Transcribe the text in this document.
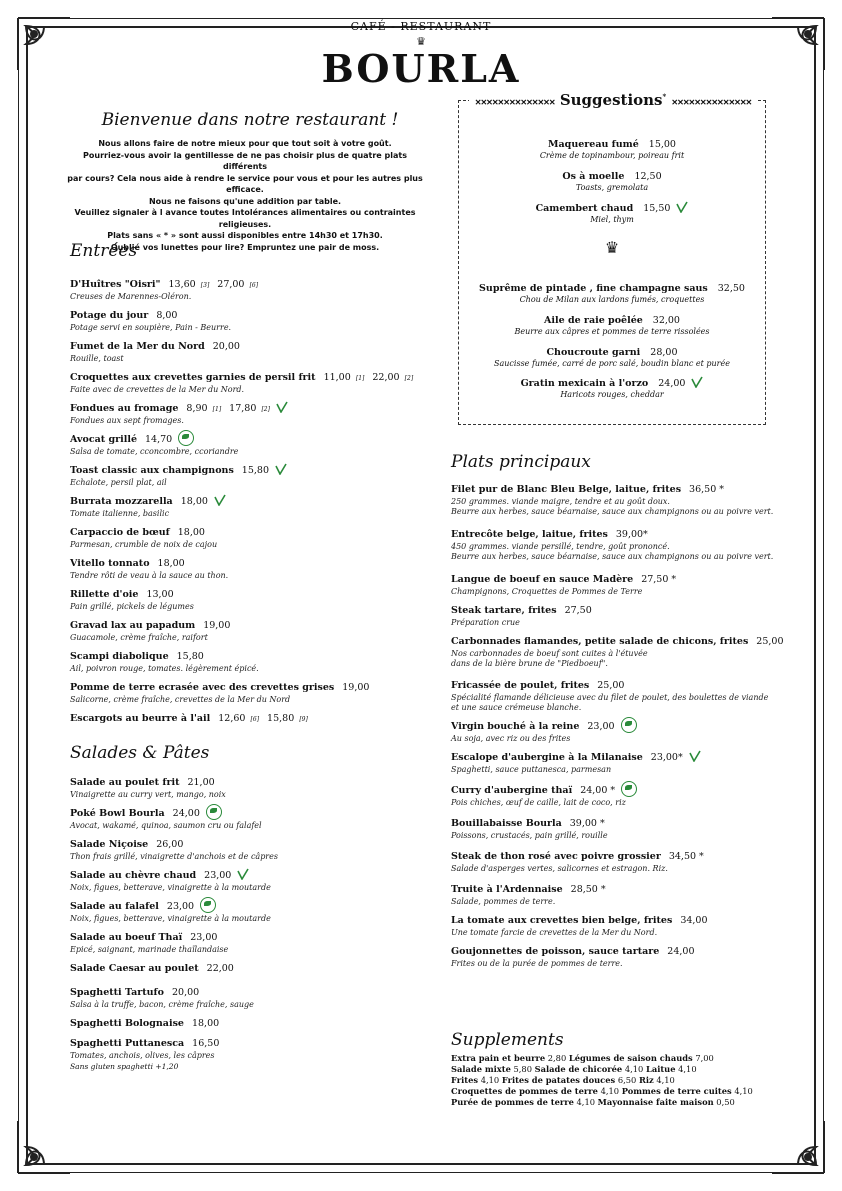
CAFÉ - RESTAURANT
♛
BOURLA
Bienvenue dans notre restaurant !
Nous allons faire de notre mieux pour que tout soit à votre goût.
Pourriez-vous avoir la gentillesse de ne pas choisir plus de quatre plats différents
par cours? Cela nous aide à rendre le service pour vous et pour les autres plus efficace.
Nous ne faisons qu'une addition par table.
Veuillez signaler à l avance toutes Intolérances alimentaires ou contraintes religieuses.
Plats sans « * » sont aussi disponibles entre 14h30 et 17h30.
Oublié vos lunettes pour lire? Empruntez une pair de moss.
Entrées
D'Huîtres "Oisri" 13,60 [3] 27,00 [6]
Creuses de Marennes-Oléron.
Potage du jour 8,00
Potage servi en soupière, Pain - Beurre.
Fumet de la Mer du Nord 20,00
Rouille, toast
Croquettes aux crevettes garnies de persil frit 11,00 [1] 22,00 [2]
Faite avec de crevettes de la Mer du Nord.
Fondues au fromage 8,90 [1] 17,80 [2]
Fondues aux sept fromages.
Avocat grillé 14,70
Salsa de tomate, cconcombre, ccoriandre
Toast classic aux champignons 15,80
Echalote, persil plat, ail
Burrata mozzarella 18,00
Tomate italienne, basilic
Carpaccio de bœuf 18,00
Parmesan, crumble de noix de cajou
Vitello tonnato 18,00
Tendre rôti de veau à la sauce au thon.
Rillette d'oie 13,00
Pain grillé, pickels de légumes
Gravad lax au papadum 19,00
Guacamole, crème fraîche, raifort
Scampi diabolique 15,80
Ail, poivron rouge, tomates. légèrement épicé.
Pomme de terre ecrasée avec des crevettes grises 19,00
Salicorne, crème fraîche, crevettes de la Mer du Nord
Escargots au beurre à l'ail 12,60 [6] 15,80 [9]
Salades & Pâtes
Salade au poulet frit 21,00
Vinaigrette au curry vert, mango, noix
Poké Bowl Bourla 24,00
Avocat, wakamé, quinoa, saumon cru ou falafel
Salade Niçoise 26,00
Thon frais grillé, vinaigrette d'anchois et de câpres
Salade au chèvre chaud 23,00
Noix, figues, betterave, vinaigrette à la moutarde
Salade au falafel 23,00
Noix, figues, betterave, vinaigrette à la moutarde
Salade au boeuf Thaï 23,00
Epicé, saignant, marinade thaïlandaise
Salade Caesar au poulet 22,00
Spaghetti Tartufo 20,00
Salsa à la truffe, bacon, crème fraîche, sauge
Spaghetti Bolognaise 18,00
Spaghetti Puttanesca 16,50
Tomates, anchois, olives, les câpres
Sans gluten spaghetti +1,20
✕✕✕✕✕✕✕✕✕✕✕✕✕✕ Suggestions* ✕✕✕✕✕✕✕✕✕✕✕✕✕✕
Maquereau fumé 15,00
Crème de topinambour, poireau frit
Os à moelle 12,50
Toasts, gremolata
Camembert chaud 15,50
Miel, thym
Suprême de pintade , fine champagne saus 32,50
Chou de Milan aux lardons fumés, croquettes
Aile de raie poêlée 32,00
Beurre aux câpres et pommes de terre rissolées
Choucroute garni 28,00
Saucisse fumée, carré de porc salé, boudin blanc et purée
Gratin mexicain à l'orzo 24,00
Haricots rouges, cheddar
♛
Plats principaux
Filet pur de Blanc Bleu Belge, laitue, frites 36,50 *
250 grammes. viande maigre, tendre et au goût doux.
Beurre aux herbes, sauce béarnaise, sauce aux champignons ou au poivre vert.
Entrecôte belge, laitue, frites 39,00*
450 grammes. viande persillé, tendre, goût prononcé.
Beurre aux herbes, sauce béarnaise, sauce aux champignons ou au poivre vert.
Langue de boeuf en sauce Madère 27,50 *
Champignons, Croquettes de Pommes de Terre
Steak tartare, frites 27,50
Préparation crue
Carbonnades flamandes, petite salade de chicons, frites 25,00
Nos carbonnades de boeuf sont cuites à l'étuvée
dans de la bière brune de "Piedboeuf".
Fricassée de poulet, frites 25,00
Spécialité flamande délicieuse avec du filet de poulet, des boulettes de viande
et une sauce crémeuse blanche.
Virgin bouché à la reine 23,00
Au soja, avec riz ou des frites
Escalope d'aubergine à la Milanaise 23,00*
Spaghetti, sauce puttanesca, parmesan
Curry d'aubergine thaï 24,00 *
Pois chiches, œuf de caille, lait de coco, riz
Bouillabaisse Bourla 39,00 *
Poissons, crustacés, pain grillé, rouille
Steak de thon rosé avec poivre grossier 34,50 *
Salade d'asperges vertes, salicornes et estragon. Riz.
Truite à l'Ardennaise 28,50 *
Salade, pommes de terre.
La tomate aux crevettes bien belge, frites 34,00
Une tomate farcie de crevettes de la Mer du Nord.
Goujonnettes de poisson, sauce tartare 24,00
Frites ou de la purée de pommes de terre.
Supplements
Extra pain et beurre 2,80 Légumes de saison chauds 7,00
Salade mixte 5,80 Salade de chicorée 4,10 Laitue 4,10
Frites 4,10 Frites de patates douces 6,50 Riz 4,10
Croquettes de pommes de terre 4,10 Pommes de terre cuites 4,10
Purée de pommes de terre 4,10 Mayonnaise faite maison 0,50
